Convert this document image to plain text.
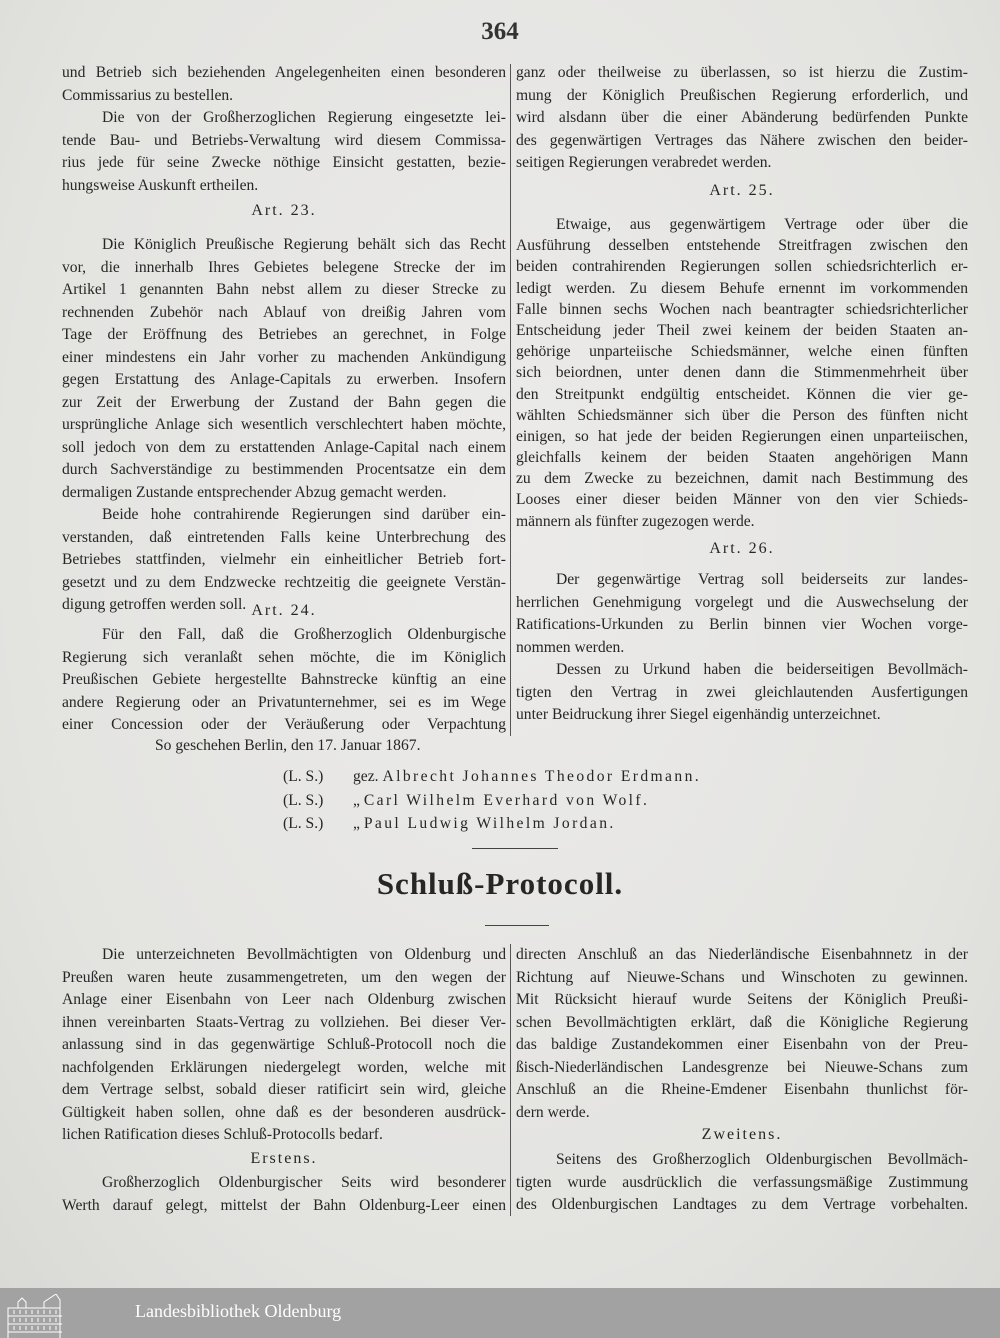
364
und Betrieb sich beziehenden Angelegenheiten einen besonderen
Commissarius zu bestellen.
Die von der Großherzoglichen Regierung eingesetzte lei-
tende Bau- und Betriebs-Verwaltung wird diesem Commissa-
rius jede für seine Zwecke nöthige Einsicht gestatten, bezie-
hungsweise Auskunft ertheilen.
Art. 23.
Die Königlich Preußische Regierung behält sich das Recht
vor, die innerhalb Ihres Gebietes belegene Strecke der im
Artikel 1 genannten Bahn nebst allem zu dieser Strecke zu
rechnenden Zubehör nach Ablauf von dreißig Jahren vom
Tage der Eröffnung des Betriebes an gerechnet, in Folge
einer mindestens ein Jahr vorher zu machenden Ankündigung
gegen Erstattung des Anlage-Capitals zu erwerben. Insofern
zur Zeit der Erwerbung der Zustand der Bahn gegen die
ursprüngliche Anlage sich wesentlich verschlechtert haben möchte,
soll jedoch von dem zu erstattenden Anlage-Capital nach einem
durch Sachverständige zu bestimmenden Procentsatze ein dem
dermaligen Zustande entsprechender Abzug gemacht werden.
Beide hohe contrahirende Regierungen sind darüber ein-
verstanden, daß eintretenden Falls keine Unterbrechung des
Betriebes stattfinden, vielmehr ein einheitlicher Betrieb fort-
gesetzt und zu dem Endzwecke rechtzeitig die geeignete Verstän-
digung getroffen werden soll. Art. 24.
Für den Fall, daß die Großherzoglich Oldenburgische
Regierung sich veranlaßt sehen möchte, die im Königlich
Preußischen Gebiete hergestellte Bahnstrecke künftig an eine
andere Regierung oder an Privatunternehmer, sei es im Wege
einer Concession oder der Veräußerung oder Verpachtung
ganz oder theilweise zu überlassen, so ist hierzu die Zustim-
mung der Königlich Preußischen Regierung erforderlich, und
wird alsdann über die einer Abänderung bedürfenden Punkte
des gegenwärtigen Vertrages das Nähere zwischen den beider-
seitigen Regierungen verabredet werden.
Art. 25.
Etwaige, aus gegenwärtigem Vertrage oder über die
Ausführung desselben entstehende Streitfragen zwischen den
beiden contrahirenden Regierungen sollen schiedsrichterlich er-
ledigt werden. Zu diesem Behufe ernennt im vorkommenden
Falle binnen sechs Wochen nach beantragter schiedsrichterlicher
Entscheidung jeder Theil zwei keinem der beiden Staaten an-
gehörige unparteiische Schiedsmänner, welche einen fünften
sich beiordnen, unter denen dann die Stimmenmehrheit über
den Streitpunkt endgültig entscheidet. Können die vier ge-
wählten Schiedsmänner sich über die Person des fünften nicht
einigen, so hat jede der beiden Regierungen einen unparteiischen,
gleichfalls keinem der beiden Staaten angehörigen Mann
zu dem Zwecke zu bezeichnen, damit nach Bestimmung des
Looses einer dieser beiden Männer von den vier Schieds-
männern als fünfter zugezogen werde.
Art. 26.
Der gegenwärtige Vertrag soll beiderseits zur landes-
herrlichen Genehmigung vorgelegt und die Auswechselung der
Ratifications-Urkunden zu Berlin binnen vier Wochen vorge-
nommen werden.
Dessen zu Urkund haben die beiderseitigen Bevollmäch-
tigten den Vertrag in zwei gleichlautenden Ausfertigungen
unter Beidruckung ihrer Siegel eigenhändig unterzeichnet.
So geschehen Berlin, den 17. Januar 1867.
(L. S.) gez. Albrecht Johannes Theodor Erdmann.
(L. S.) „ Carl Wilhelm Everhard von Wolf.
(L. S.) „ Paul Ludwig Wilhelm Jordan.
Schluß-Protocoll.
Die unterzeichneten Bevollmächtigten von Oldenburg und
Preußen waren heute zusammengetreten, um den wegen der
Anlage einer Eisenbahn von Leer nach Oldenburg zwischen
ihnen vereinbarten Staats-Vertrag zu vollziehen. Bei dieser Ver-
anlassung sind in das gegenwärtige Schluß-Protocoll noch die
nachfolgenden Erklärungen niedergelegt worden, welche mit
dem Vertrage selbst, sobald dieser ratificirt sein wird, gleiche
Gültigkeit haben sollen, ohne daß es der besonderen ausdrück-
lichen Ratification dieses Schluß-Protocolls bedarf.
Erstens.
Großherzoglich Oldenburgischer Seits wird besonderer
Werth darauf gelegt, mittelst der Bahn Oldenburg-Leer einen
directen Anschluß an das Niederländische Eisenbahnnetz in der
Richtung auf Nieuwe-Schans und Winschoten zu gewinnen.
Mit Rücksicht hierauf wurde Seitens der Königlich Preußi-
schen Bevollmächtigten erklärt, daß die Königliche Regierung
das baldige Zustandekommen einer Eisenbahn von der Preu-
ßisch-Niederländischen Landesgrenze bei Nieuwe-Schans zum
Anschluß an die Rheine-Emdener Eisenbahn thunlichst för-
dern werde.
Zweitens.
Seitens des Großherzoglich Oldenburgischen Bevollmäch-
tigten wurde ausdrücklich die verfassungsmäßige Zustimmung
des Oldenburgischen Landtages zu dem Vertrage vorbehalten.
Landesbibliothek Oldenburg
